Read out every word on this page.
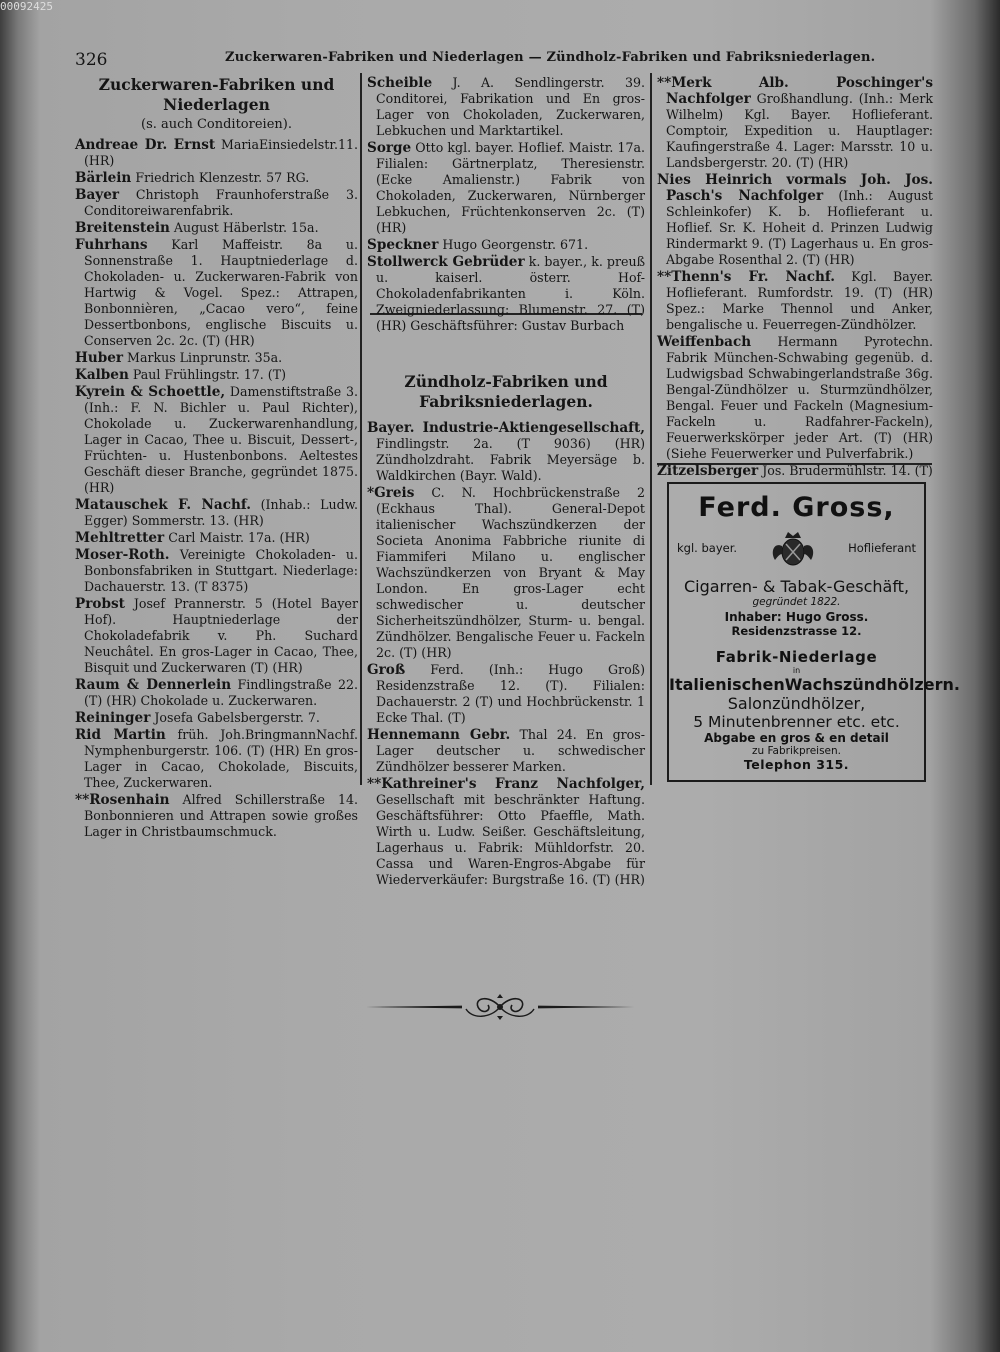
00092425
326	Zuckerwaren-Fabriken und Niederlagen — Zündholz-Fabriken und Fabriksniederlagen.
Zuckerwaren-Fabriken und Niederlagen
(s. auch Conditoreien).
Andreae Dr. Ernst MariaEinsiedelstr.11. (HR)
Bärlein Friedrich Klenzestr. 57 RG.
Bayer Christoph Fraunhoferstraße 3. Conditoreiwarenfabrik.
Breitenstein August Häberlstr. 15a.
Fuhrhans Karl Maffeistr. 8a u. Sonnenstraße 1. Hauptniederlage d. Chokoladen- u. Zuckerwaren-Fabrik von Hartwig & Vogel. Spez.: Attrapen, Bonbonnièren, „Cacao vero“, feine Dessertbonbons, englische Biscuits u. Conserven 2c. 2c. (T) (HR)
Huber Markus Linprunstr. 35a.
Kalben Paul Frühlingstr. 17. (T)
Kyrein & Schoettle, Damenstiftstraße 3. (Inh.: F. N. Bichler u. Paul Richter), Chokolade u. Zuckerwarenhandlung, Lager in Cacao, Thee u. Biscuit, Dessert-, Früchten- u. Hustenbonbons. Aeltestes Geschäft dieser Branche, gegründet 1875. (HR)
Matauschek F. Nachf. (Inhab.: Ludw. Egger) Sommerstr. 13. (HR)
Mehltretter Carl Maistr. 17a. (HR)
Moser-Roth. Vereinigte Chokoladen- u. Bonbonsfabriken in Stuttgart. Niederlage: Dachauerstr. 13. (T 8375)
Probst Josef Prannerstr. 5 (Hotel Bayer Hof). Hauptniederlage der Chokoladefabrik v. Ph. Suchard Neuchâtel. En gros-Lager in Cacao, Thee, Bisquit und Zuckerwaren (T) (HR)
Raum & Dennerlein Findlingstraße 22. (T) (HR) Chokolade u. Zuckerwaren.
Reininger Josefa Gabelsbergerstr. 7.
Rid Martin früh. Joh.BringmannNachf. Nymphenburgerstr. 106. (T) (HR) En gros-Lager in Cacao, Chokolade, Biscuits, Thee, Zuckerwaren.
**Rosenhain Alfred Schillerstraße 14. Bonbonnieren und Attrapen sowie großes Lager in Christbaumschmuck.
Scheible J. A. Sendlingerstr. 39. Conditorei, Fabrikation und En gros-Lager von Chokoladen, Zuckerwaren, Lebkuchen und Marktartikel.
Sorge Otto kgl. bayer. Hoflief. Maistr. 17a. Filialen: Gärtnerplatz, Theresienstr. (Ecke Amalienstr.) Fabrik von Chokoladen, Zuckerwaren, Nürnberger Lebkuchen, Früchtenkonserven 2c. (T) (HR)
Speckner Hugo Georgenstr. 671.
Stollwerck Gebrüder k. bayer., k. preuß u. kaiserl. österr. Hof-Chokoladenfabrikanten i. Köln. Zweigniederlassung: Blumenstr. 27. (T) (HR) Geschäftsführer: Gustav Burbach
Zündholz-Fabriken und Fabriksniederlagen.
Bayer. Industrie-Aktiengesellschaft, Findlingstr. 2a. (T 9036) (HR) Zündholzdraht. Fabrik Meyersäge b. Waldkirchen (Bayr. Wald).
*Greis C. N. Hochbrückenstraße 2 (Eckhaus Thal). General-Depot italienischer Wachszündkerzen der Societa Anonima Fabbriche riunite di Fiammiferi Milano u. englischer Wachszündkerzen von Bryant & May London. En gros-Lager echt schwedischer u. deutscher Sicherheitszündhölzer, Sturm- u. bengal. Zündhölzer. Bengalische Feuer u. Fackeln 2c. (T) (HR)
Groß Ferd. (Inh.: Hugo Groß) Residenzstraße 12. (T). Filialen: Dachauerstr. 2 (T) und Hochbrückenstr. 1 Ecke Thal. (T)
Hennemann Gebr. Thal 24. En gros-Lager deutscher u. schwedischer Zündhölzer besserer Marken.
**Kathreiner's Franz Nachfolger, Gesellschaft mit beschränkter Haftung. Geschäftsführer: Otto Pfaeffle, Math. Wirth u. Ludw. Seißer. Geschäftsleitung, Lagerhaus u. Fabrik: Mühldorfstr. 20. Cassa und Waren-Engros-Abgabe für Wiederverkäufer: Burgstraße 16. (T) (HR)
**Merk Alb. Poschinger's Nachfolger Großhandlung. (Inh.: Merk Wilhelm) Kgl. Bayer. Hoflieferant. Comptoir, Expedition u. Hauptlager: Kaufingerstraße 4. Lager: Marsstr. 10 u. Landsbergerstr. 20. (T) (HR)
Nies Heinrich vormals Joh. Jos. Pasch's Nachfolger (Inh.: August Schleinkofer) K. b. Hoflieferant u. Hoflief. Sr. K. Hoheit d. Prinzen Ludwig Rindermarkt 9. (T) Lagerhaus u. En gros-Abgabe Rosenthal 2. (T) (HR)
**Thenn's Fr. Nachf. Kgl. Bayer. Hoflieferant. Rumfordstr. 19. (T) (HR) Spez.: Marke Thennol und Anker, bengalische u. Feuerregen-Zündhölzer.
Weiffenbach Hermann Pyrotechn. Fabrik München-Schwabing gegenüb. d. Ludwigsbad Schwabingerlandstraße 36g. Bengal-Zündhölzer u. Sturmzündhölzer, Bengal. Feuer und Fackeln (Magnesium-Fackeln u. Radfahrer-Fackeln), Feuerwerkskörper jeder Art. (T) (HR) (Siehe Feuerwerker und Pulverfabrik.)
Zitzelsberger Jos. Brudermühlstr. 14. (T)
Ferd. Gross,
kgl. bayer.	Hoflieferant
Cigarren- & Tabak-Geschäft,
gegründet 1822.
Inhaber: Hugo Gross.
Residenzstrasse 12.
Fabrik-Niederlage
in
ItalienischenWachszündhölzern.
Salonzündhölzer,
5 Minutenbrenner etc. etc.
Abgabe en gros & en detail
zu Fabrikpreisen.
Telephon 315.
